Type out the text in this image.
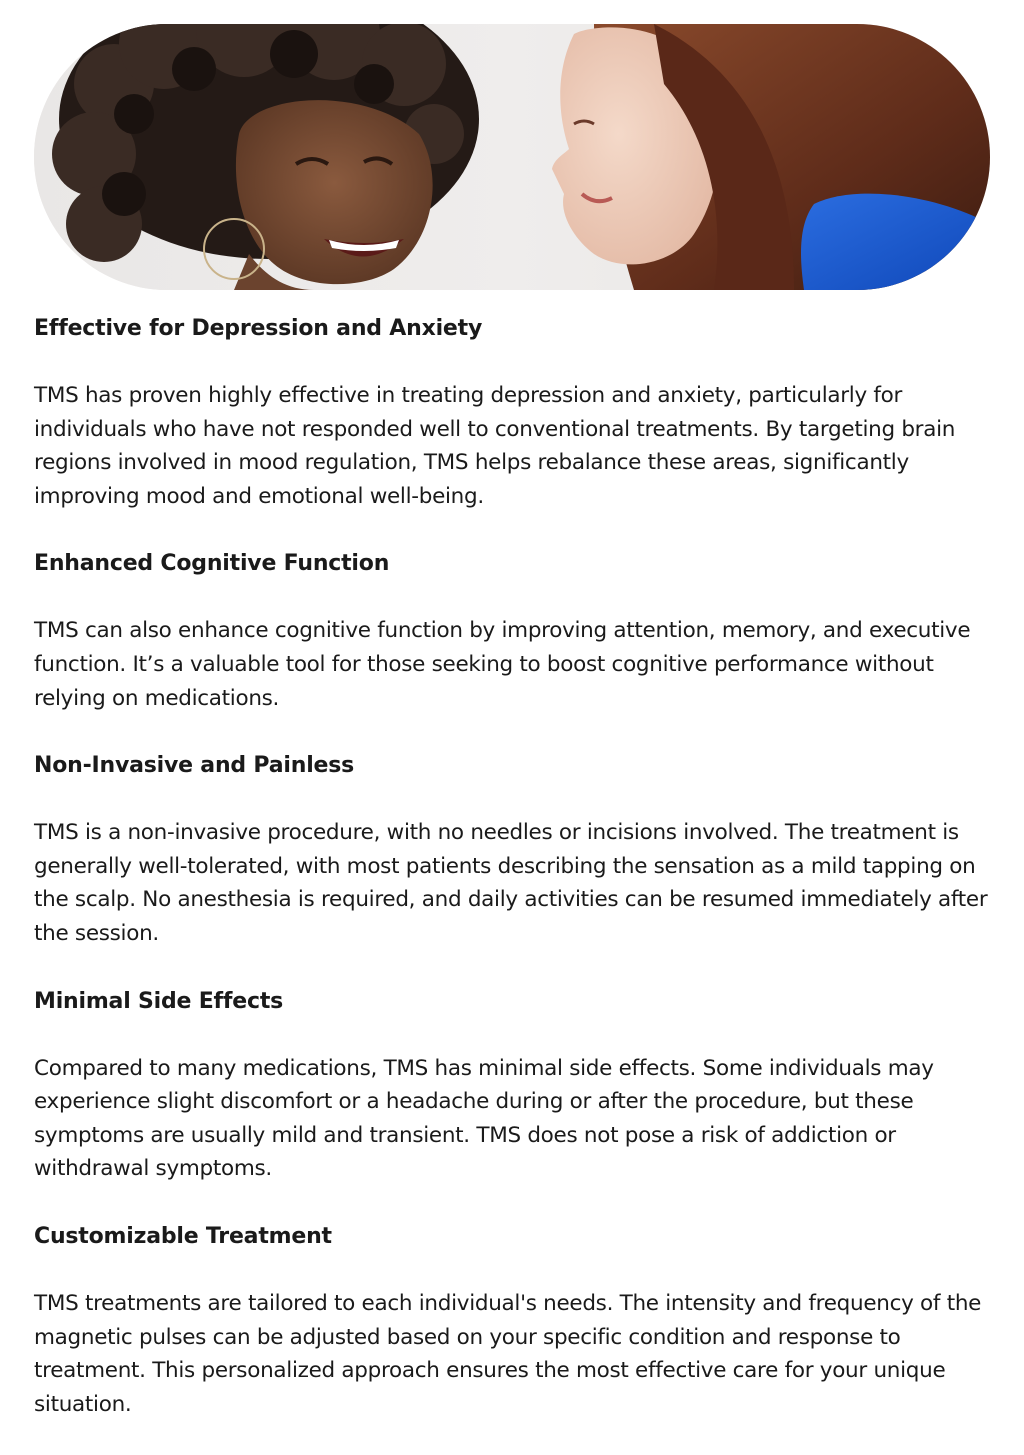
Effective for Depression and Anxiety

TMS has proven highly effective in treating depression and anxiety, particularly for individuals who have not responded well to conventional treatments. By targeting brain regions involved in mood regulation, TMS helps rebalance these areas, significantly improving mood and emotional well-being.

Enhanced Cognitive Function

TMS can also enhance cognitive function by improving attention, memory, and executive function. It’s a valuable tool for those seeking to boost cognitive performance without relying on medications.

Non-Invasive and Painless

TMS is a non-invasive procedure, with no needles or incisions involved. The treatment is generally well-tolerated, with most patients describing the sensation as a mild tapping on the scalp. No anesthesia is required, and daily activities can be resumed immediately after the session.

Minimal Side Effects

Compared to many medications, TMS has minimal side effects. Some individuals may experience slight discomfort or a headache during or after the procedure, but these symptoms are usually mild and transient. TMS does not pose a risk of addiction or withdrawal symptoms.

Customizable Treatment

TMS treatments are tailored to each individual's needs. The intensity and frequency of the magnetic pulses can be adjusted based on your specific condition and response to treatment. This personalized approach ensures the most effective care for your unique situation.
